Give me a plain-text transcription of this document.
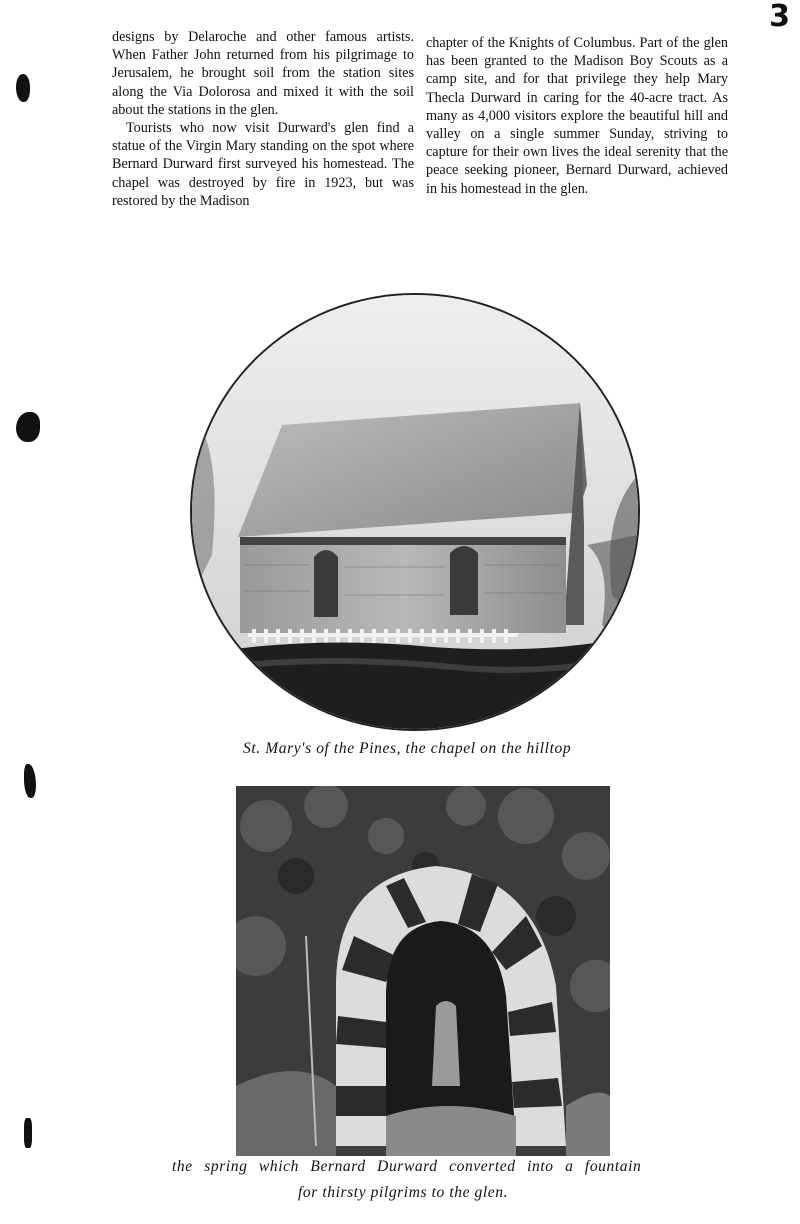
3

designs by Delaroche and other famous artists. When Father John returned from his pilgrimage to Jerusalem, he brought soil from the station sites along the Via Dolorosa and mixed it with the soil about the stations in the glen.

Tourists who now visit Durward's glen find a statue of the Virgin Mary standing on the spot where Bernard Durward first surveyed his homestead. The chapel was destroyed by fire in 1923, but was restored by the Madison

chapter of the Knights of Columbus. Part of the glen has been granted to the Madison Boy Scouts as a camp site, and for that privilege they help Mary Thecla Durward in caring for the 40-acre tract. As many as 4,000 visitors explore the beautiful hill and valley on a single summer Sunday, striving to capture for their own lives the ideal serenity that the peace seeking pioneer, Bernard Durward, achieved in his homestead in the glen.

St. Mary's of the Pines, the chapel on the hilltop
the spring which Bernard Durward converted into a fountain
for thirsty pilgrims to the glen.
